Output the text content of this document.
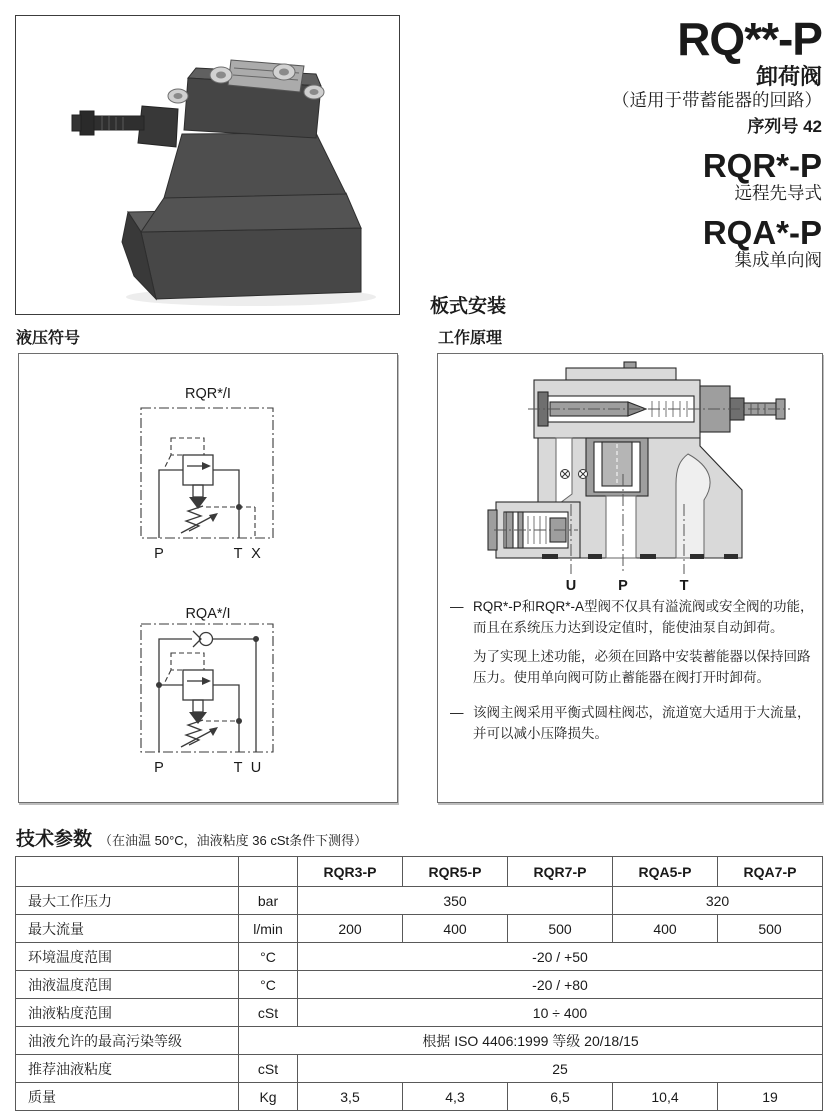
RQ**-P
卸荷阀
（适用于带蓄能器的回路）
序列号 42
RQR*-P
远程先导式
RQA*-P
集成单向阀
板式安装
液压符号	工作原理
RQR*/I
P	T X
RQA*/I
P	T U
U	P	T
— RQR*-P和RQR*-A型阀不仅具有溢流阀或安全阀的功能，而且在系统压力达到设定值时，能使油泵自动卸荷。

为了实现上述功能，必须在回路中安装蓄能器以保持回路压力。使用单向阀可防止蓄能器在阀打开时卸荷。

— 该阀主阀采用平衡式圆柱阀芯，流道宽大适用于大流量，并可以减小压降损失。

技术参数 （在油温 50°C，油液粘度 36 cSt条件下测得）
		RQR3-P	RQR5-P	RQR7-P	RQA5-P	RQA7-P
最大工作压力	bar	350			320	
最大流量	l/min	200	400	500	400	500
环境温度范围	°C	-20 / +50				
油液温度范围	°C	-20 / +80				
油液粘度范围	cSt	10 ÷ 400				
油液允许的最高污染等级	根据 ISO 4406:1999 等级 20/18/15					
推荐油液粘度	cSt	25				
质量	Kg	3,5	4,3	6,5	10,4	19
